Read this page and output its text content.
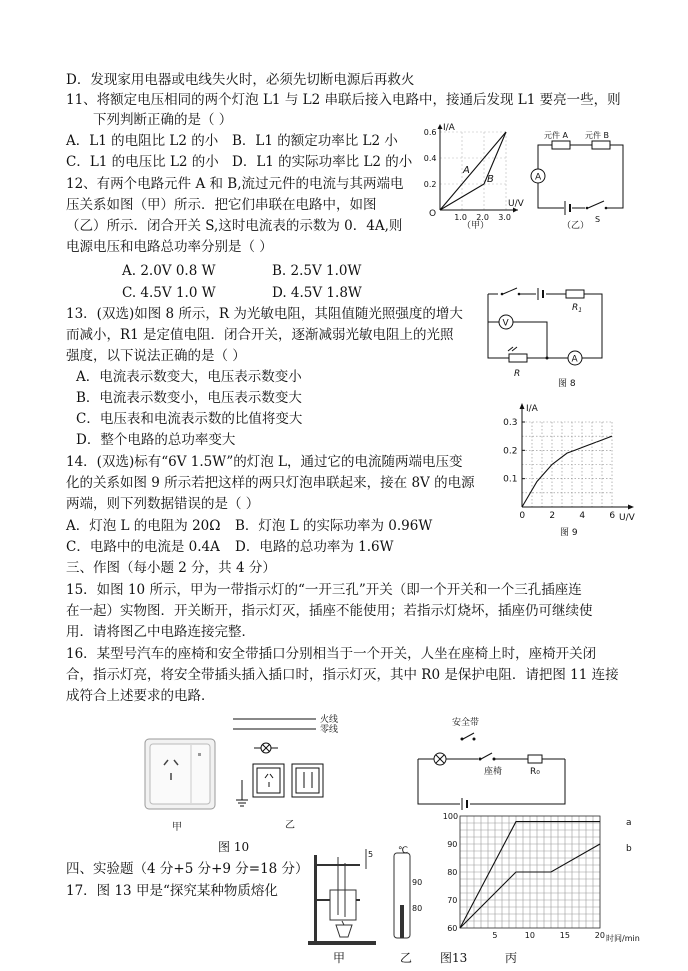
D．发现家用电器或电线失火时，必须先切断电源后再救火
11、将额定电压相同的两个灯泡 L1 与 L2 串联后接入电路中，接通后发现 L1 要亮一些，则
下列判断正确的是（ ）
A．L1 的电阻比 L2 的小 B．L1 的额定功率比 L2 小
C．L1 的电压比 L2 的小 D．L1 的实际功率比 L2 的小
12、有两个电路元件 A 和 B,流过元件的电流与其两端电
压关系如图（甲）所示．把它们串联在电路中，如图
（乙）所示．闭合开关 S,这时电流表的示数为 0．4A,则
电源电压和电路总功率分别是（ ）
A. 2.0V 0.8 W	B. 2.5V 1.0W
C. 4.5V 1.0 W	D. 4.5V 1.8W
13．(双选)如图 8 所示，R 为光敏电阻，其阻值随光照强度的增大
而减小，R1 是定值电阻．闭合开关，逐渐减弱光敏电阻上的光照
强度，以下说法正确的是（ ）
A．电流表示数变大，电压表示数变小
B．电流表示数变小，电压表示数变大
C．电压表和电流表示数的比值将变大
D．整个电路的总功率变大
14．(双选)标有“6V 1.5W”的灯泡 L，通过它的电流随两端电压变
化的关系如图 9 所示若把这样的两只灯泡串联起来，接在 8V 的电源
两端，则下列数据错误的是（ ）
A．灯泡 L 的电阻为 20Ω B．灯泡 L 的实际功率为 0.96W
C．电路中的电流是 0.4A D．电路的总功率为 1.6W
三、作图（每小题 2 分，共 4 分）
15．如图 10 所示，甲为一带指示灯的“一开三孔”开关（即一个开关和一个三孔插座连
在一起）实物图．开关断开，指示灯灭，插座不能使用；若指示灯烧坏，插座仍可继续使
用．请将图乙中电路连接完整．
16．某型号汽车的座椅和安全带插口分别相当于一个开关，人坐在座椅上时，座椅开关闭
合，指示灯亮，将安全带插头插入插口时，指示灯灭，其中 R0 是保护电阻．请把图 11 连接
成符合上述要求的电路．
四、实验题（4 分+5 分+9 分=18 分）
17．图 13 甲是“探究某种物质熔化
1.0 2.0 3.0
0.2
0.4
0.6 I/A
U/V
O
A
B
（甲）
元件 A 元件 B
A
S
（乙）
$R_1$
V
R
A
图 8
0	2	4	6
0.1
0.2
0.3
I/A
U/V
图 9
甲
图 10
火线
零线
乙
安全带
座椅	R₀
5	℃
90
80
甲	乙 图13	丙
5	10	15	20
60
70
80
90
100
a
b
时间/min
